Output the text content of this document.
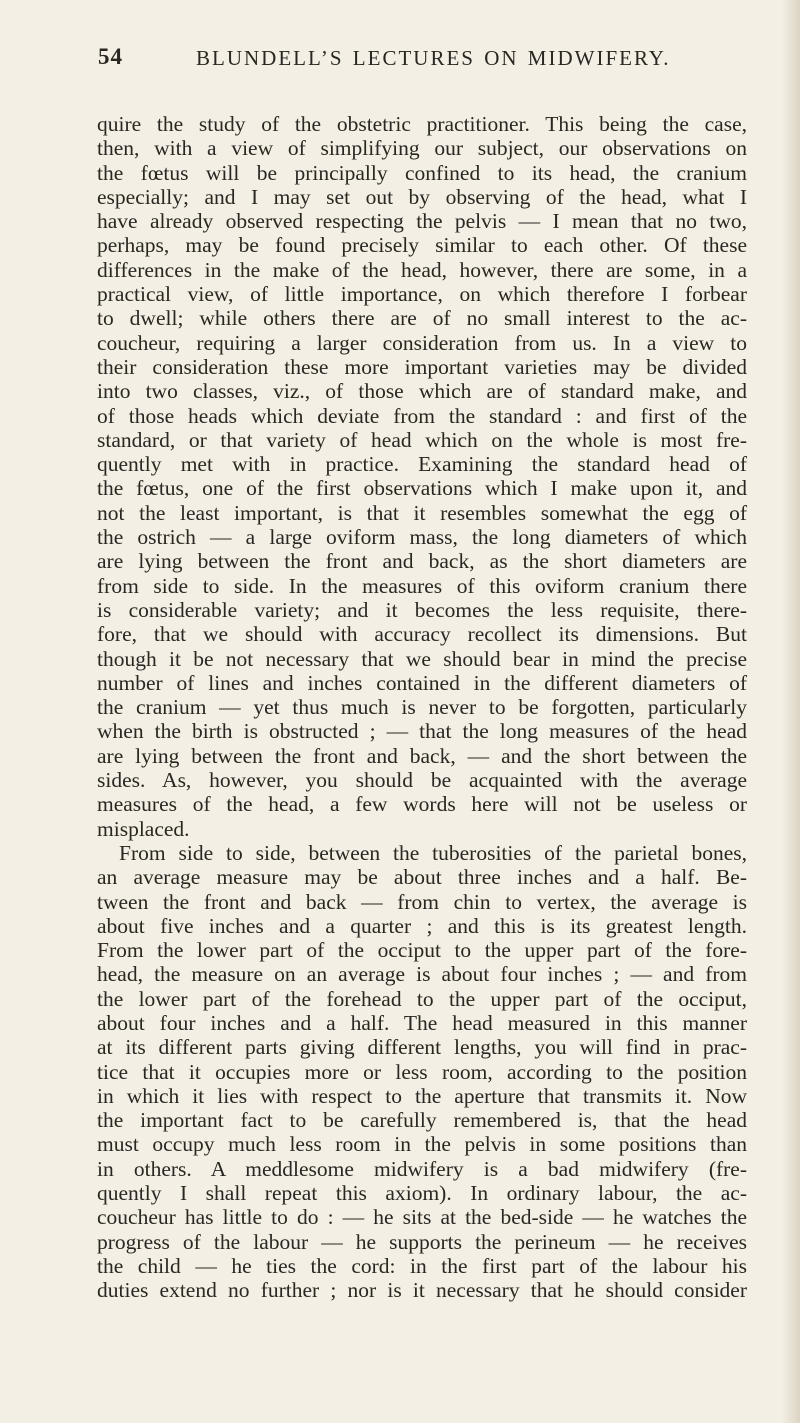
54	BLUNDELL’S LECTURES ON MIDWIFERY.
quire the study of the obstetric practitioner. This being the case,
then, with a view of simplifying our subject, our observations on
the fœtus will be principally confined to its head, the cranium
especially; and I may set out by observing of the head, what I
have already observed respecting the pelvis — I mean that no two,
perhaps, may be found precisely similar to each other. Of these
differences in the make of the head, however, there are some, in a
practical view, of little importance, on which therefore I forbear
to dwell; while others there are of no small interest to the ac-
coucheur, requiring a larger consideration from us. In a view to
their consideration these more important varieties may be divided
into two classes, viz., of those which are of standard make, and
of those heads which deviate from the standard : and first of the
standard, or that variety of head which on the whole is most fre-
quently met with in practice. Examining the standard head of
the fœtus, one of the first observations which I make upon it, and
not the least important, is that it resembles somewhat the egg of
the ostrich — a large oviform mass, the long diameters of which
are lying between the front and back, as the short diameters are
from side to side. In the measures of this oviform cranium there
is considerable variety; and it becomes the less requisite, there-
fore, that we should with accuracy recollect its dimensions. But
though it be not necessary that we should bear in mind the precise
number of lines and inches contained in the different diameters of
the cranium — yet thus much is never to be forgotten, particularly
when the birth is obstructed ; — that the long measures of the head
are lying between the front and back, — and the short between the
sides. As, however, you should be acquainted with the average
measures of the head, a few words here will not be useless or
misplaced.
From side to side, between the tuberosities of the parietal bones,
an average measure may be about three inches and a half. Be-
tween the front and back — from chin to vertex, the average is
about five inches and a quarter ; and this is its greatest length.
From the lower part of the occiput to the upper part of the fore-
head, the measure on an average is about four inches ; — and from
the lower part of the forehead to the upper part of the occiput,
about four inches and a half. The head measured in this manner
at its different parts giving different lengths, you will find in prac-
tice that it occupies more or less room, according to the position
in which it lies with respect to the aperture that transmits it. Now
the important fact to be carefully remembered is, that the head
must occupy much less room in the pelvis in some positions than
in others. A meddlesome midwifery is a bad midwifery (fre-
quently I shall repeat this axiom). In ordinary labour, the ac-
coucheur has little to do : — he sits at the bed-side — he watches the
progress of the labour — he supports the perineum — he receives
the child — he ties the cord: in the first part of the labour his
duties extend no further ; nor is it necessary that he should consider
